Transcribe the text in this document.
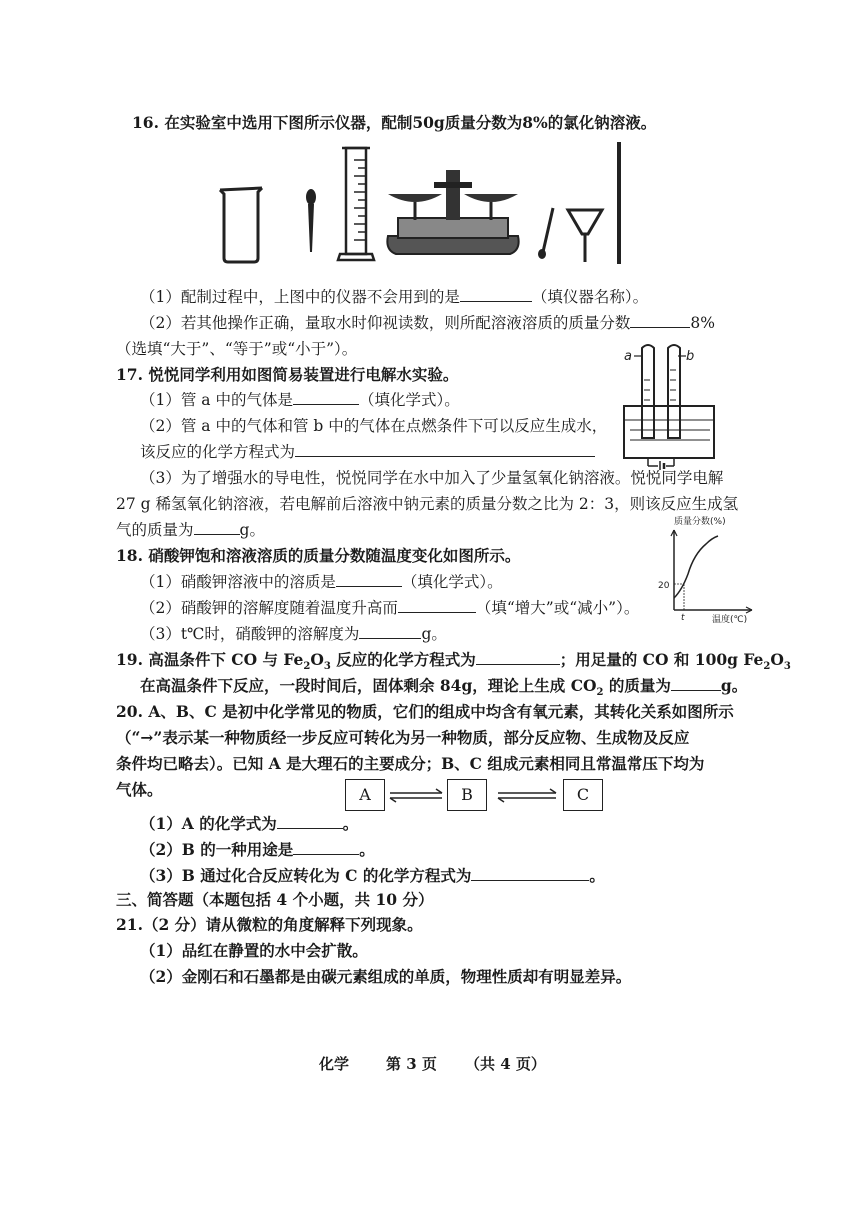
16. 在实验室中选用下图所示仪器，配制50g质量分数为8%的氯化钠溶液。
（1）配制过程中，上图中的仪器不会用到的是	（填仪器名称）。
（2）若其他操作正确，量取水时仰视读数，则所配溶液溶质的质量分数	8%
（选填“大于”、“等于”或“小于”）。
17. 悦悦同学利用如图简易装置进行电解水实验。
（1）管 a 中的气体是	（填化学式）。
（2）管 a 中的气体和管 b 中的气体在点燃条件下可以反应生成水，
该反应的化学方程式为
a	b
（3）为了增强水的导电性，悦悦同学在水中加入了少量氢氧化钠溶液。悦悦同学电解
27 g 稀氢氧化钠溶液，若电解前后溶液中钠元素的质量分数之比为 2：3，则该反应生成氢
气的质量为	g。
18. 硝酸钾饱和溶液溶质的质量分数随温度变化如图所示。
（1）硝酸钾溶液中的溶质是	（填化学式）。
（2）硝酸钾的溶解度随着温度升高而	（填“增大”或“减小”）。
（3）t℃时，硝酸钾的溶解度为	g。
质量分数(%)
20
t	温度(℃)
19. 高温条件下 CO 与 $Fe_2O_3$ 反应的化学方程式为	；用足量的 CO 和 100g $Fe_2O_3$
在高温条件下反应，一段时间后，固体剩余 84g，理论上生成 $CO_2$ 的质量为	g。
20. A、B、C 是初中化学常见的物质，它们的组成中均含有氧元素，其转化关系如图所示
（“→”表示某一种物质经一步反应可转化为另一种物质，部分反应物、生成物及反应
条件均已略去）。已知 A 是大理石的主要成分；B、C 组成元素相同且常温常压下均为
气体。	A	B	C
（1）A 的化学式为	。
（2）B 的一种用途是	。
（3）B 通过化合反应转化为 C 的化学方程式为	。
三、简答题（本题包括 4 个小题，共 10 分）
21.（2 分）请从微粒的角度解释下列现象。
（1）品红在静置的水中会扩散。
（2）金刚石和石墨都是由碳元素组成的单质，物理性质却有明显差异。
化学 第 3 页 （共 4 页）
